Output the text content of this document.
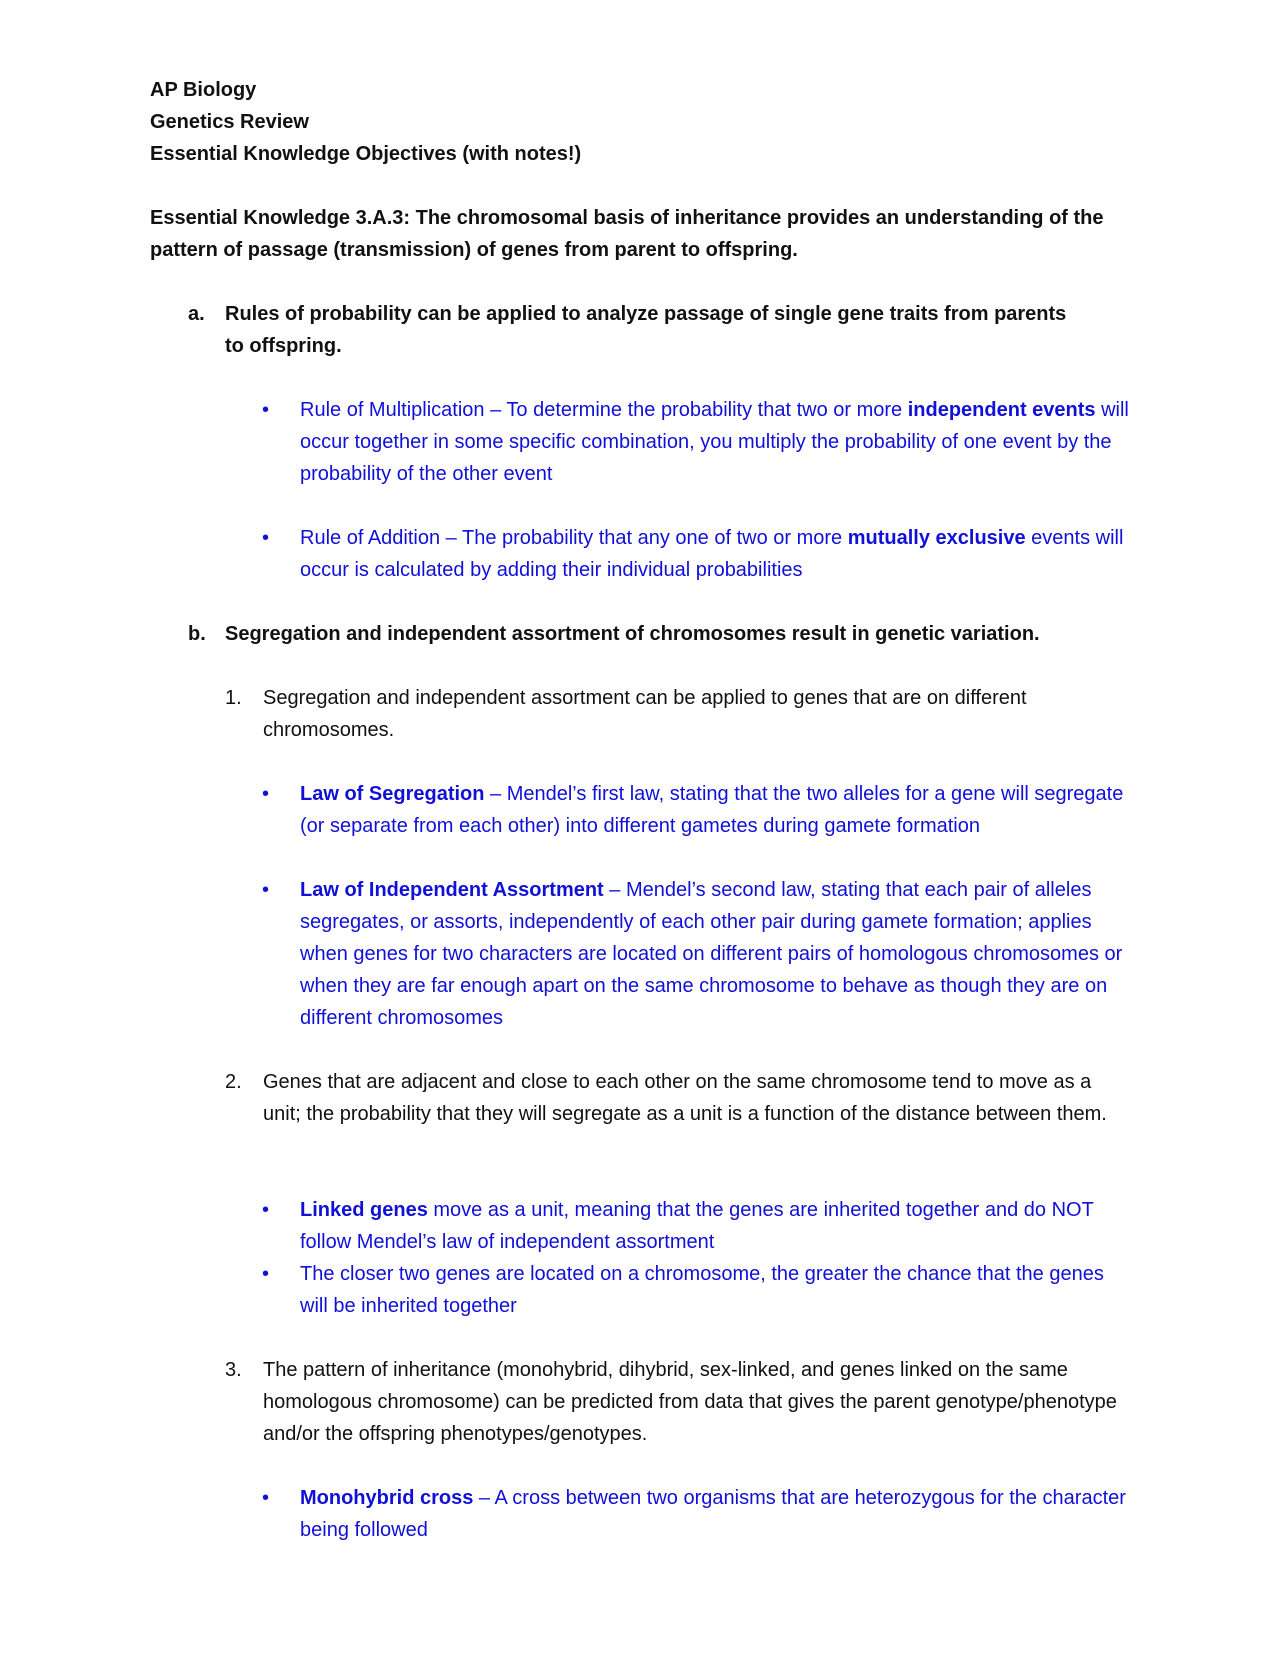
AP Biology

Genetics Review

Essential Knowledge Objectives (with notes!)

Essential Knowledge 3.A.3: The chromosomal basis of inheritance provides an understanding of the pattern of passage (transmission) of genes from parent to offspring.

a. Rules of probability can be applied to analyze passage of single gene traits from parents to offspring.
• Rule of Multiplication – To determine the probability that two or more independent events will occur together in some specific combination, you multiply the probability of one event by the probability of the other event
• Rule of Addition – The probability that any one of two or more mutually exclusive events will occur is calculated by adding their individual probabilities
b. Segregation and independent assortment of chromosomes result in genetic variation.
1. Segregation and independent assortment can be applied to genes that are on different chromosomes.
• Law of Segregation – Mendel’s first law, stating that the two alleles for a gene will segregate (or separate from each other) into different gametes during gamete formation
• Law of Independent Assortment – Mendel’s second law, stating that each pair of alleles segregates, or assorts, independently of each other pair during gamete formation; applies when genes for two characters are located on different pairs of homologous chromosomes or when they are far enough apart on the same chromosome to behave as though they are on different chromosomes
2. Genes that are adjacent and close to each other on the same chromosome tend to move as a unit; the probability that they will segregate as a unit is a function of the distance between them.
• Linked genes move as a unit, meaning that the genes are inherited together and do NOT follow Mendel’s law of independent assortment
• The closer two genes are located on a chromosome, the greater the chance that the genes will be inherited together
3. The pattern of inheritance (monohybrid, dihybrid, sex-linked, and genes linked on the same homologous chromosome) can be predicted from data that gives the parent genotype/phenotype and/or the offspring phenotypes/genotypes.
• Monohybrid cross – A cross between two organisms that are heterozygous for the character being followed
